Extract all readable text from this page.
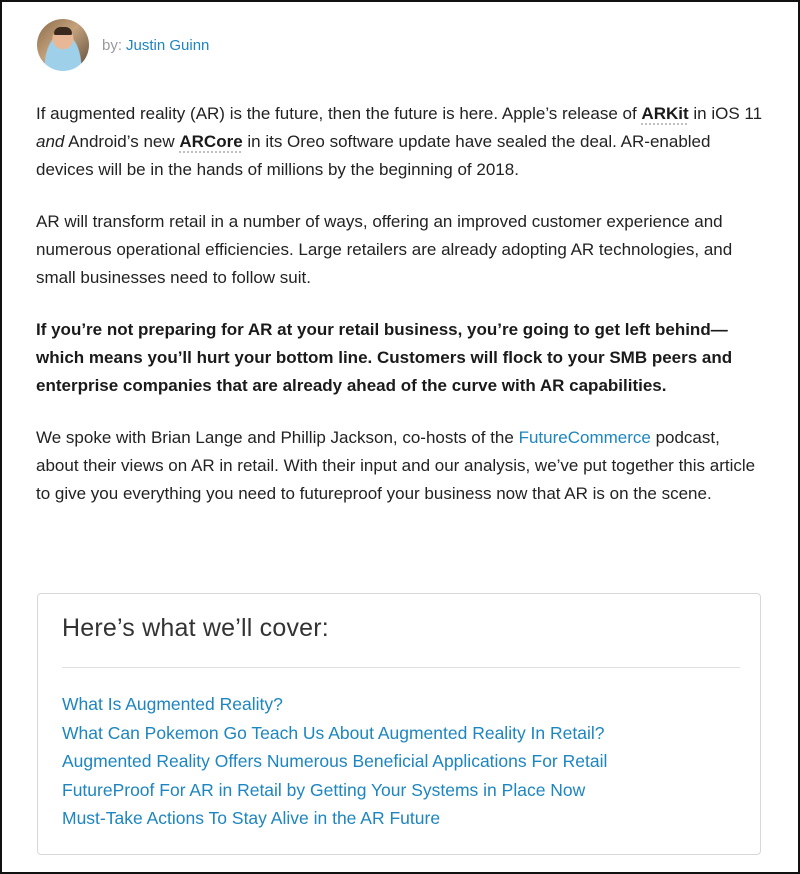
by: Justin Guinn

If augmented reality (AR) is the future, then the future is here. Apple’s release of ARKit in iOS 11 and Android’s new ARCore in its Oreo software update have sealed the deal. AR-enabled devices will be in the hands of millions by the beginning of 2018.

AR will transform retail in a number of ways, offering an improved customer experience and numerous operational efficiencies. Large retailers are already adopting AR technologies, and small businesses need to follow suit.

If you’re not preparing for AR at your retail business, you’re going to get left behind—which means you’ll hurt your bottom line. Customers will flock to your SMB peers and enterprise companies that are already ahead of the curve with AR capabilities.

We spoke with Brian Lange and Phillip Jackson, co-hosts of the FutureCommerce podcast, about their views on AR in retail. With their input and our analysis, we’ve put together this article to give you everything you need to futureproof your business now that AR is on the scene.

Here’s what we’ll cover:
What Is Augmented Reality?
What Can Pokemon Go Teach Us About Augmented Reality In Retail?
Augmented Reality Offers Numerous Beneficial Applications For Retail
FutureProof For AR in Retail by Getting Your Systems in Place Now
Must-Take Actions To Stay Alive in the AR Future
